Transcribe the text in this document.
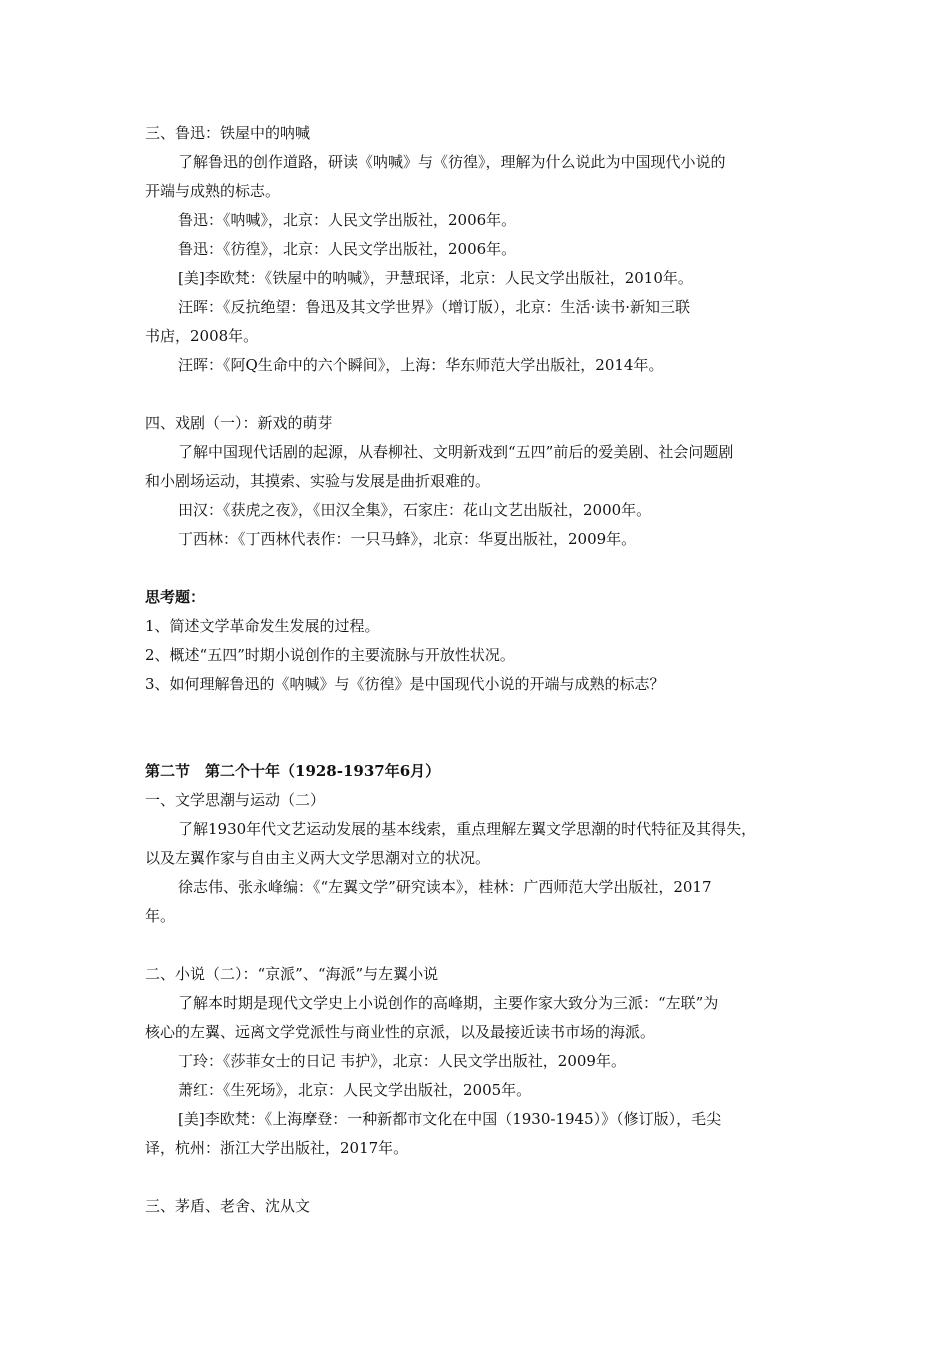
三、鲁迅：铁屋中的呐喊
了解鲁迅的创作道路，研读《呐喊》与《彷徨》，理解为什么说此为中国现代小说的
开端与成熟的标志。
鲁迅：《呐喊》，北京：人民文学出版社，2006年。
鲁迅：《彷徨》，北京：人民文学出版社，2006年。
[美]李欧梵：《铁屋中的呐喊》，尹慧珉译，北京：人民文学出版社，2010年。
汪晖：《反抗绝望：鲁迅及其文学世界》（增订版），北京：生活·读书·新知三联
书店，2008年。
汪晖：《阿Q生命中的六个瞬间》，上海：华东师范大学出版社，2014年。
四、戏剧（一）：新戏的萌芽
了解中国现代话剧的起源，从春柳社、文明新戏到“五四”前后的爱美剧、社会问题剧
和小剧场运动，其摸索、实验与发展是曲折艰难的。
田汉：《获虎之夜》，《田汉全集》，石家庄：花山文艺出版社，2000年。
丁西林：《丁西林代表作：一只马蜂》，北京：华夏出版社，2009年。
思考题：
1、简述文学革命发生发展的过程。
2、概述“五四”时期小说创作的主要流脉与开放性状况。
3、如何理解鲁迅的《呐喊》与《彷徨》是中国现代小说的开端与成熟的标志？
第二节　第二个十年（1928-1937年6月）
一、文学思潮与运动（二）
了解1930年代文艺运动发展的基本线索，重点理解左翼文学思潮的时代特征及其得失，
以及左翼作家与自由主义两大文学思潮对立的状况。
徐志伟、张永峰编：《“左翼文学”研究读本》，桂林：广西师范大学出版社，2017
年。
二、小说（二）：“京派”、“海派”与左翼小说
了解本时期是现代文学史上小说创作的高峰期，主要作家大致分为三派：“左联”为
核心的左翼、远离文学党派性与商业性的京派，以及最接近读书市场的海派。
丁玲：《莎菲女士的日记 韦护》，北京：人民文学出版社，2009年。
萧红：《生死场》，北京：人民文学出版社，2005年。
[美]李欧梵：《上海摩登：一种新都市文化在中国（1930-1945）》（修订版），毛尖
译，杭州：浙江大学出版社，2017年。
三、茅盾、老舍、沈从文
